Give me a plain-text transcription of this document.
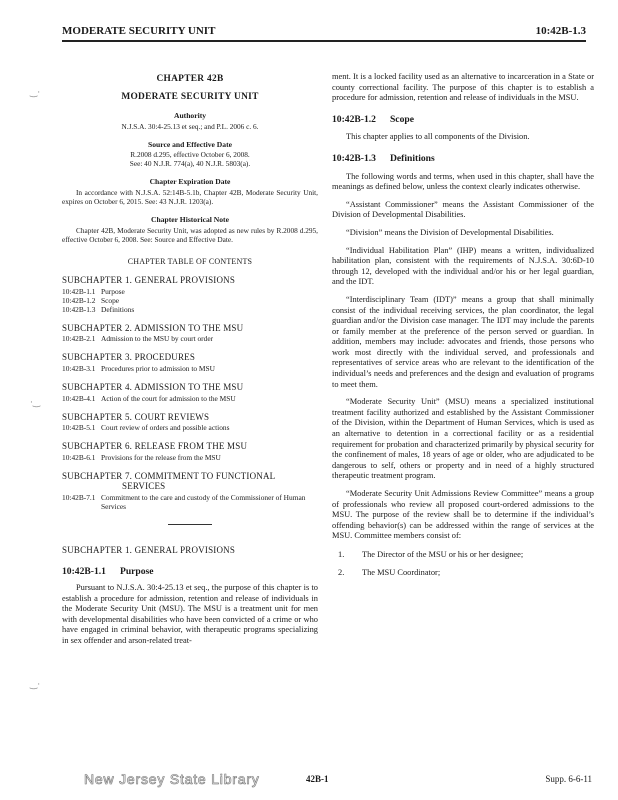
MODERATE SECURITY UNIT	10:42B-1.3
‿·
·‿
‿·

CHAPTER 42B

MODERATE SECURITY UNIT

Authority

N.J.S.A. 30:4-25.13 et seq.; and P.L. 2006 c. 6.

Source and Effective Date

R.2008 d.295, effective October 6, 2008.

See: 40 N.J.R. 774(a), 40 N.J.R. 5803(a).

Chapter Expiration Date

In accordance with N.J.S.A. 52:14B-5.1b, Chapter 42B, Moderate Security Unit, expires on October 6, 2015. See: 43 N.J.R. 1203(a).

Chapter Historical Note

Chapter 42B, Moderate Security Unit, was adopted as new rules by R.2008 d.295, effective October 6, 2008. See: Source and Effective Date.

CHAPTER TABLE OF CONTENTS

SUBCHAPTER 1. GENERAL PROVISIONS

10:42B-1.1 Purpose
10:42B-1.2 Scope
10:42B-1.3 Definitions

SUBCHAPTER 2. ADMISSION TO THE MSU

10:42B-2.1 Admission to the MSU by court order

SUBCHAPTER 3. PROCEDURES

10:42B-3.1 Procedures prior to admission to MSU

SUBCHAPTER 4. ADMISSION TO THE MSU

10:42B-4.1 Action of the court for admission to the MSU

SUBCHAPTER 5. COURT REVIEWS

10:42B-5.1 Court review of orders and possible actions

SUBCHAPTER 6. RELEASE FROM THE MSU

10:42B-6.1 Provisions for the release from the MSU

SUBCHAPTER 7. COMMITMENT TO FUNCTIONAL

SERVICES

10:42B-7.1 Commitment to the care and custody of the Commissioner of Human Services

SUBCHAPTER 1. GENERAL PROVISIONS

10:42B-1.1 Purpose

Pursuant to N.J.S.A. 30:4-25.13 et seq., the purpose of this chapter is to establish a procedure for admission, retention and release of individuals in the Moderate Security Unit (MSU). The MSU is a treatment unit for men with developmental disabilities who have been convicted of a crime or who have engaged in criminal behavior, with therapeutic programs specializing in sex offender and arson-related treat-

ment. It is a locked facility used as an alternative to incarceration in a State or county correctional facility. The purpose of this chapter is to establish a procedure for admission, retention and release of individuals in the MSU.

10:42B-1.2 Scope

This chapter applies to all components of the Division.

10:42B-1.3 Definitions

The following words and terms, when used in this chapter, shall have the meanings as defined below, unless the context clearly indicates otherwise.

“Assistant Commissioner” means the Assistant Commissioner of the Division of Developmental Disabilities.

“Division” means the Division of Developmental Disabilities.

“Individual Habilitation Plan” (IHP) means a written, individualized habilitation plan, consistent with the requirements of N.J.S.A. 30:6D-10 through 12, developed with the individual and/or his or her legal guardian, and the IDT.

“Interdisciplinary Team (IDT)” means a group that shall minimally consist of the individual receiving services, the plan coordinator, the legal guardian and/or the Division case manager. The IDT may include the parents or family member at the preference of the person served or guardian. In addition, members may include: advocates and friends, those persons who work most directly with the individual served, and professionals and representatives of service areas who are relevant to the identification of the individual’s needs and preferences and the design and evaluation of programs to meet them.

“Moderate Security Unit” (MSU) means a specialized institutional treatment facility authorized and established by the Assistant Commissioner of the Division, within the Department of Human Services, which is used as an alternative to detention in a correctional facility or as a residential requirement for probation and characterized primarily by physical security for the confinement of males, 18 years of age or older, who are adjudicated to be dangerous to self, others or property and in need of a highly structured therapeutic treatment program.

“Moderate Security Unit Admissions Review Committee” means a group of professionals who review all proposed court-ordered admissions to the MSU. The purpose of the review shall be to determine if the individual’s offending behavior(s) can be addressed within the range of services at the MSU. Committee members consist of:

1.	The Director of the MSU or his or her designee;
2.	The MSU Coordinator;
New Jersey State Library	42B-1	Supp. 6-6-11
